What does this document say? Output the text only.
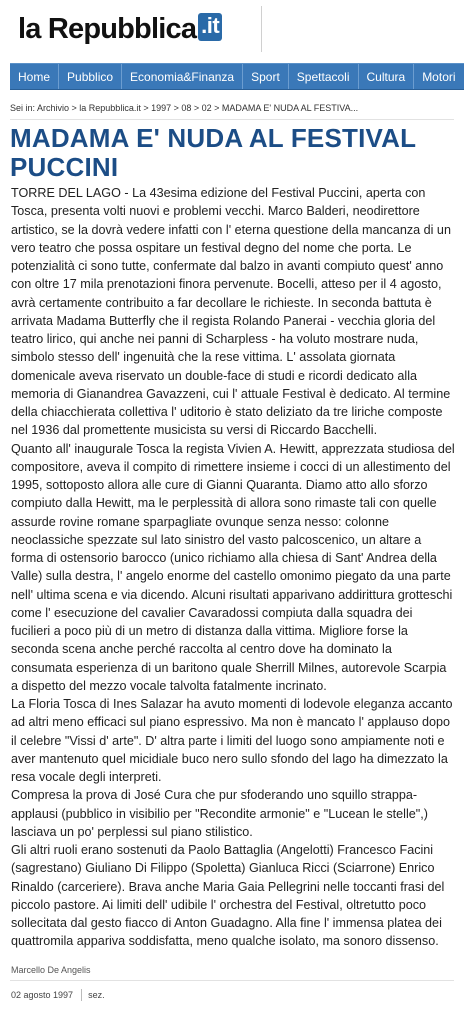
la Repubblica .it
Home	Pubblico	Economia&Finanza	Sport	Spettacoli	Cultura	Motori
Sei in: Archivio > la Repubblica.it > 1997 > 08 > 02 > MADAMA E' NUDA AL FESTIVA...
MADAMA E' NUDA AL FESTIVAL PUCCINI

TORRE DEL LAGO - La 43esima edizione del Festival Puccini, aperta con Tosca, presenta volti nuovi e problemi vecchi. Marco Balderi, neodirettore artistico, se la dovrà vedere infatti con l' eterna questione della mancanza di un vero teatro che possa ospitare un festival degno del nome che porta. Le potenzialità ci sono tutte, confermate dal balzo in avanti compiuto quest' anno con oltre 17 mila prenotazioni finora pervenute. Bocelli, atteso per il 4 agosto, avrà certamente contribuito a far decollare le richieste. In seconda battuta è arrivata Madama Butterfly che il regista Rolando Panerai - vecchia gloria del teatro lirico, qui anche nei panni di Scharpless - ha voluto mostrare nuda, simbolo stesso dell' ingenuità che la rese vittima. L' assolata giornata domenicale aveva riservato un double-face di studi e ricordi dedicato alla memoria di Gianandrea Gavazzeni, cui l' attuale Festival è dedicato. Al termine della chiacchierata collettiva l' uditorio è stato deliziato da tre liriche composte nel 1936 dal promettente musicista su versi di Riccardo Bacchelli.

Quanto all' inaugurale Tosca la regista Vivien A. Hewitt, apprezzata studiosa del compositore, aveva il compito di rimettere insieme i cocci di un allestimento del 1995, sottoposto allora alle cure di Gianni Quaranta. Diamo atto allo sforzo compiuto dalla Hewitt, ma le perplessità di allora sono rimaste tali con quelle assurde rovine romane sparpagliate ovunque senza nesso: colonne neoclassiche spezzate sul lato sinistro del vasto palcoscenico, un altare a forma di ostensorio barocco (unico richiamo alla chiesa di Sant' Andrea della Valle) sulla destra, l' angelo enorme del castello omonimo piegato da una parte nell' ultima scena e via dicendo. Alcuni risultati apparivano addirittura grotteschi come l' esecuzione del cavalier Cavaradossi compiuta dalla squadra dei fucilieri a poco più di un metro di distanza dalla vittima. Migliore forse la seconda scena anche perché raccolta al centro dove ha dominato la consumata esperienza di un baritono quale Sherrill Milnes, autorevole Scarpia a dispetto del mezzo vocale talvolta fatalmente incrinato.

La Floria Tosca di Ines Salazar ha avuto momenti di lodevole eleganza accanto ad altri meno efficaci sul piano espressivo. Ma non è mancato l' applauso dopo il celebre "Vissi d' arte". D' altra parte i limiti del luogo sono ampiamente noti e aver mantenuto quel micidiale buco nero sullo sfondo del lago ha dimezzato la resa vocale degli interpreti.

Compresa la prova di José Cura che pur sfoderando uno squillo strappa-applausi (pubblico in visibilio per "Recondite armonie" e "Lucean le stelle",) lasciava un po' perplessi sul piano stilistico.

Gli altri ruoli erano sostenuti da Paolo Battaglia (Angelotti) Francesco Facini (sagrestano) Giuliano Di Filippo (Spoletta) Gianluca Ricci (Sciarrone) Enrico Rinaldo (carceriere). Brava anche Maria Gaia Pellegrini nelle toccanti frasi del piccolo pastore. Ai limiti dell' udibile l' orchestra del Festival, oltretutto poco sollecitata dal gesto fiacco di Anton Guadagno. Alla fine l' immensa platea dei quattromila appariva soddisfatta, meno qualche isolato, ma sonoro dissenso.

Marcello De Angelis
02 agosto 1997 sez.
